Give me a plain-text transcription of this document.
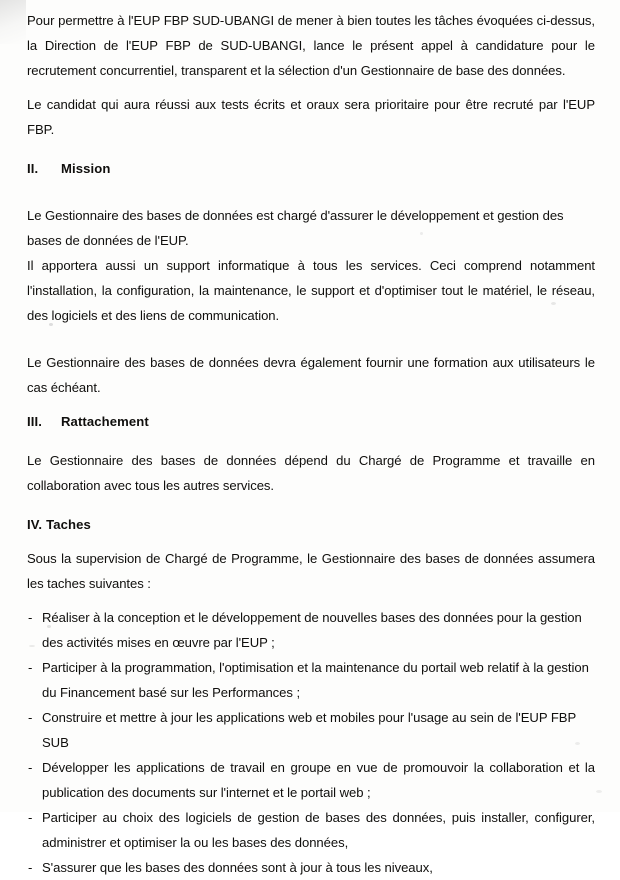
Pour permettre à l'EUP FBP SUD-UBANGI de mener à bien toutes les tâches évoquées ci-dessus, la Direction de l'EUP FBP de SUD-UBANGI, lance le présent appel à candidature pour le recrutement concurrentiel, transparent et la sélection d'un Gestionnaire de base des données.

Le candidat qui aura réussi aux tests écrits et oraux sera prioritaire pour être recruté par l'EUP FBP.

II. Mission

Le Gestionnaire des bases de données est chargé d'assurer le développement et gestion des bases de données de l'EUP.

Il apportera aussi un support informatique à tous les services. Ceci comprend notamment l'installation, la configuration, la maintenance, le support et d'optimiser tout le matériel, le réseau, des logiciels et des liens de communication.

Le Gestionnaire des bases de données devra également fournir une formation aux utilisateurs le cas échéant.

III. Rattachement

Le Gestionnaire des bases de données dépend du Chargé de Programme et travaille en collaboration avec tous les autres services.

IV. Taches

Sous la supervision de Chargé de Programme, le Gestionnaire des bases de données assumera les taches suivantes :

- Réaliser à la conception et le développement de nouvelles bases des données pour la gestion des activités mises en œuvre par l'EUP ;
- Participer à la programmation, l'optimisation et la maintenance du portail web relatif à la gestion du Financement basé sur les Performances ;
- Construire et mettre à jour les applications web et mobiles pour l'usage au sein de l'EUP FBP SUB
- Développer les applications de travail en groupe en vue de promouvoir la collaboration et la publication des documents sur l'internet et le portail web ;
- Participer au choix des logiciels de gestion de bases des données, puis installer, configurer, administrer et optimiser la ou les bases des données,
- S'assurer que les bases des données sont à jour à tous les niveaux,
